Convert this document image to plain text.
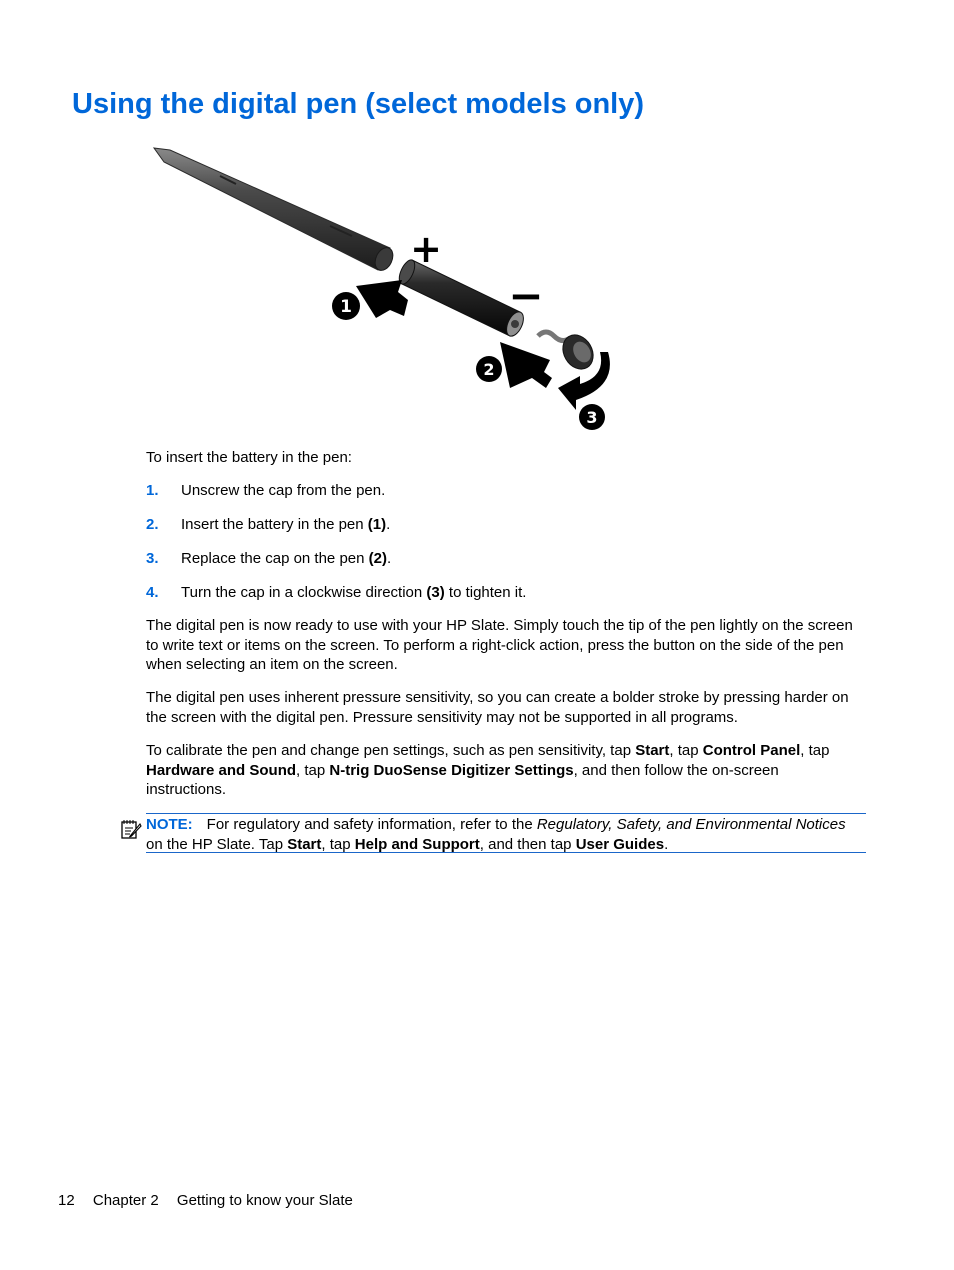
Using the digital pen (select models only)
+
−
1
2
3

To insert the battery in the pen:

1. Unscrew the cap from the pen.
2. Insert the battery in the pen (1).
3. Replace the cap on the pen (2).
4. Turn the cap in a clockwise direction (3) to tighten it.

The digital pen is now ready to use with your HP Slate. Simply touch the tip of the pen lightly on the screen to write text or items on the screen. To perform a right-click action, press the button on the side of the pen when selecting an item on the screen.

The digital pen uses inherent pressure sensitivity, so you can create a bolder stroke by pressing harder on the screen with the digital pen. Pressure sensitivity may not be supported in all programs.

To calibrate the pen and change pen settings, such as pen sensitivity, tap Start, tap Control Panel, tap Hardware and Sound, tap N-trig DuoSense Digitizer Settings, and then follow the on-screen instructions.

NOTE: For regulatory and safety information, refer to the Regulatory, Safety, and Environmental Notices on the HP Slate. Tap Start, tap Help and Support, and then tap User Guides.

12 Chapter 2 Getting to know your Slate
